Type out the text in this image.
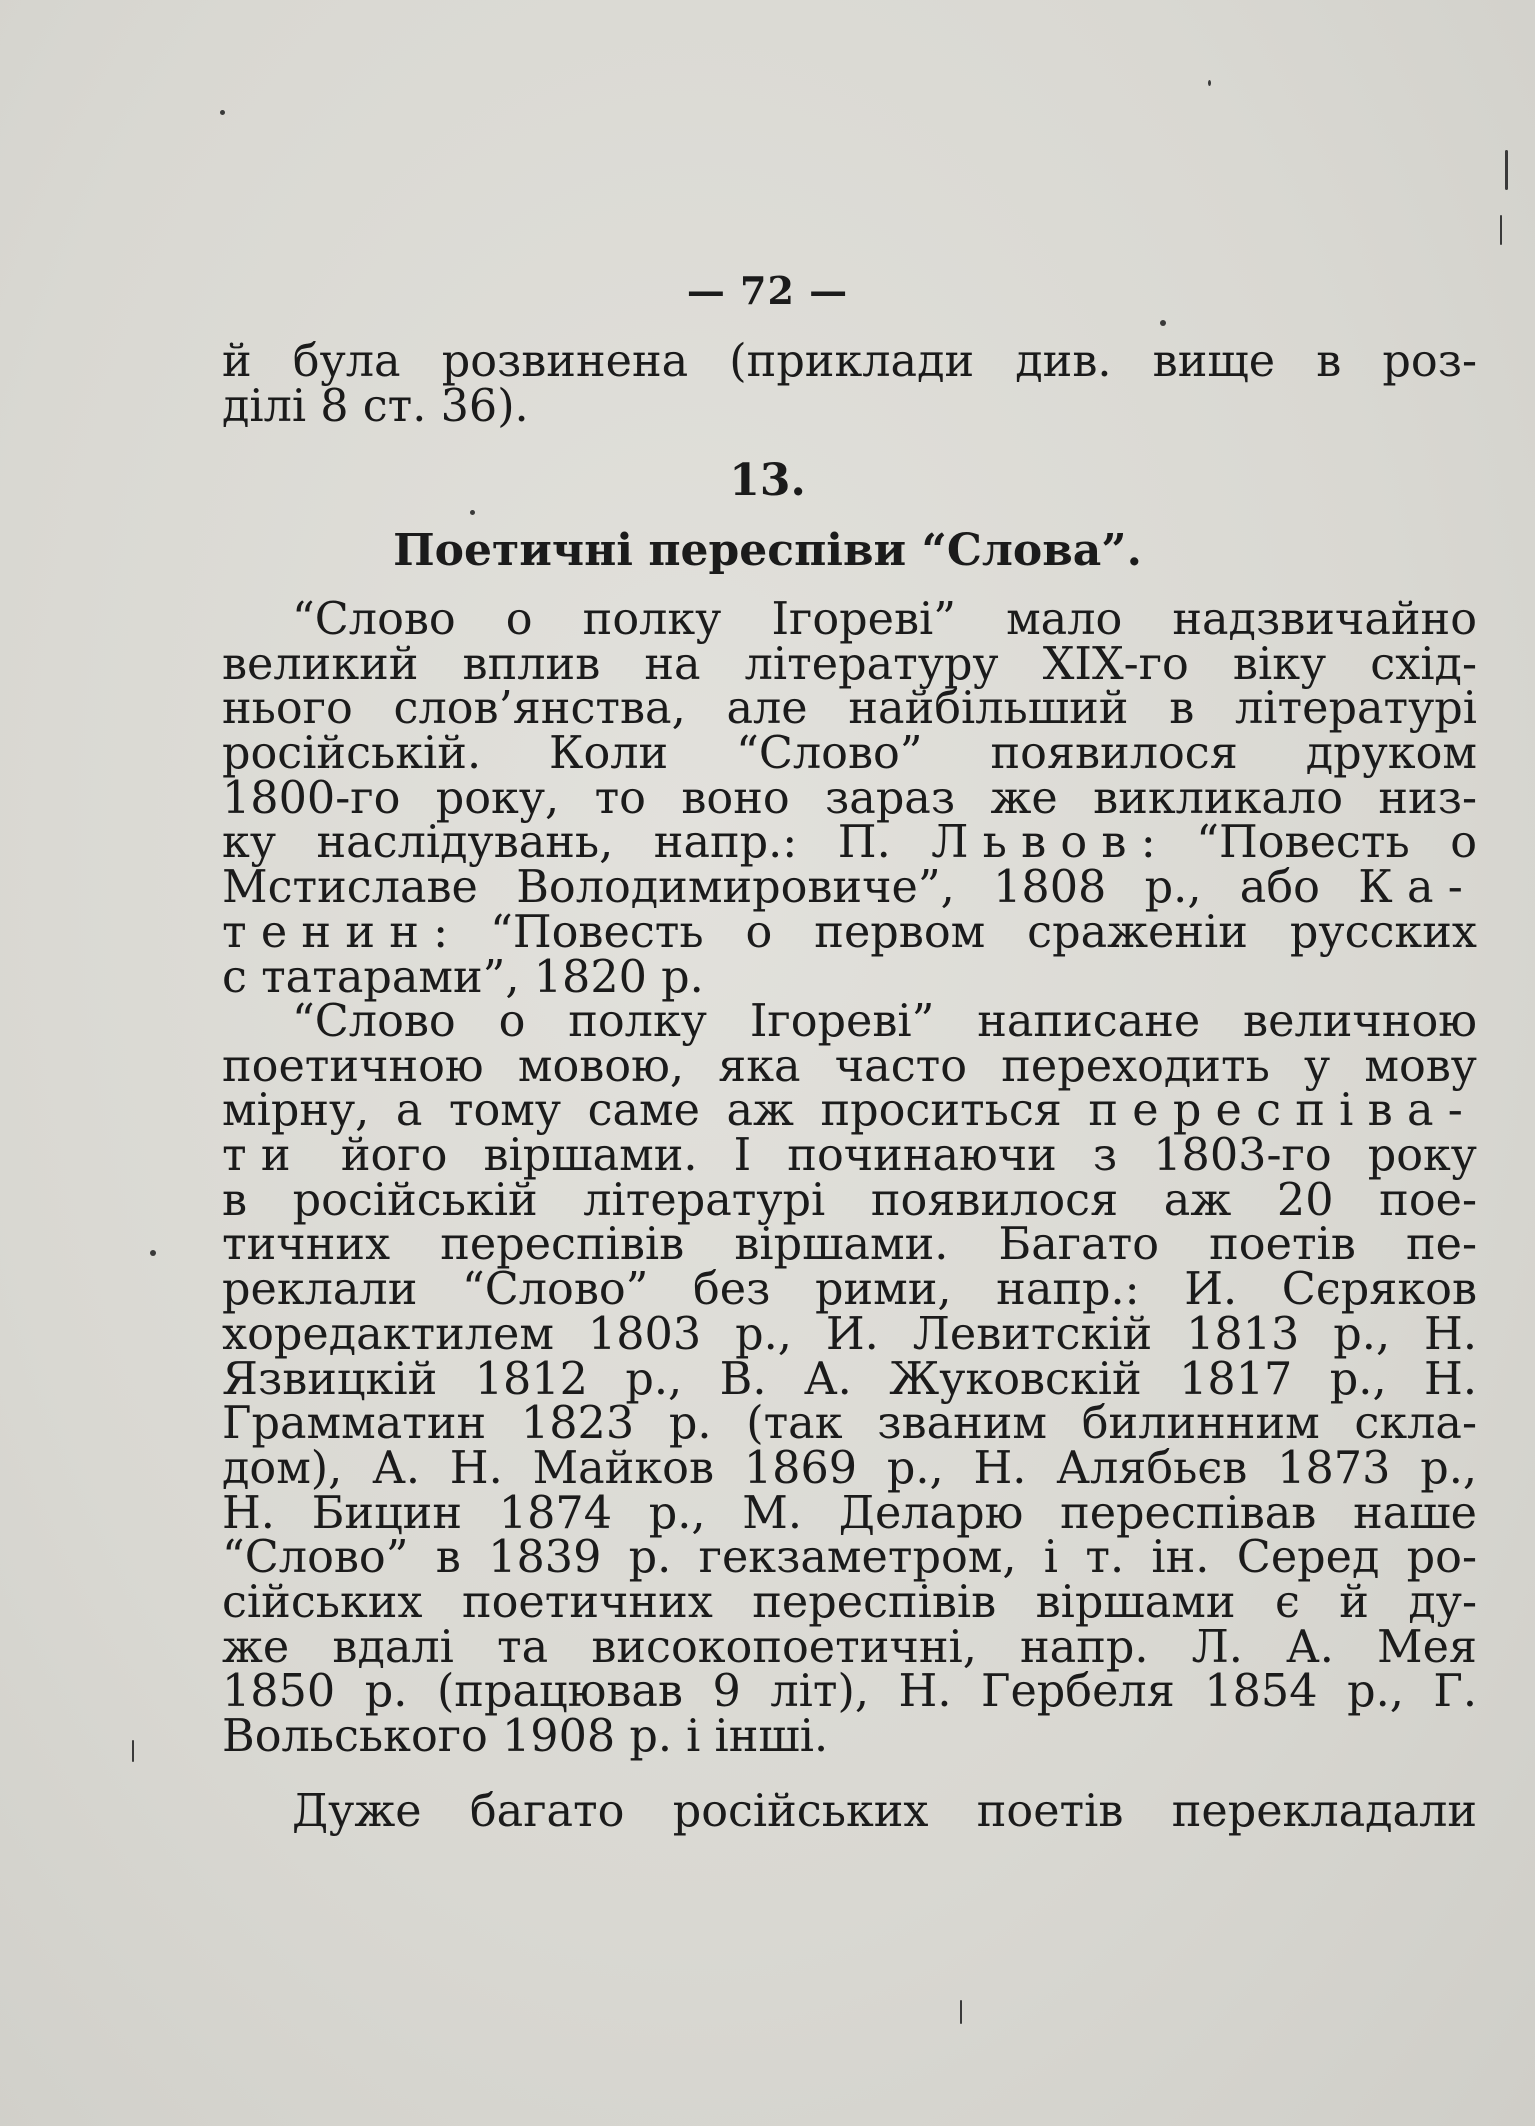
— 72 —
й була розвинена (приклади див. вище в роз-
ділі 8 ст. 36).
13.
Поетичні переспіви “Слова”.
“Слово о полку Ігореві” мало надзвичайно
великий вплив на літературу ХІХ-го віку схід-
нього слов’янства, але найбільший в літературі
російській. Коли “Слово” появилося друком
1800-го року, то воно зараз же викликало низ-
ку наслідувань, напр.: П. Львов: “Повесть о
Мстиславе Володимировиче”, 1808 р., або Ка-
тенин: “Повесть о первом сраженіи русских
с татарами”, 1820 р.
“Слово о полку Ігореві” написане величною
поетичною мовою, яка часто переходить у мову
мірну, а тому саме аж проситься переспіва-
ти його віршами. І починаючи з 1803-го року
в російській літературі появилося аж 20 пое-
тичних переспівів віршами. Багато поетів пе-
реклали “Слово” без рими, напр.: И. Сєряков
хоредактилем 1803 р., И. Левитскій 1813 р., Н.
Язвицкій 1812 р., В. А. Жуковскій 1817 р., Н.
Грамматин 1823 р. (так званим билинним скла-
дом), А. Н. Майков 1869 р., Н. Алябьєв 1873 р.,
Н. Бицин 1874 р., М. Деларю переспівав наше
“Слово” в 1839 р. гекзаметром, і т. ін. Серед ро-
сійських поетичних переспівів віршами є й ду-
же вдалі та високопоетичні, напр. Л. А. Мея
1850 р. (працював 9 літ), Н. Гербеля 1854 р., Г.
Вольського 1908 р. і інші.
Дуже багато російських поетів перекладали
